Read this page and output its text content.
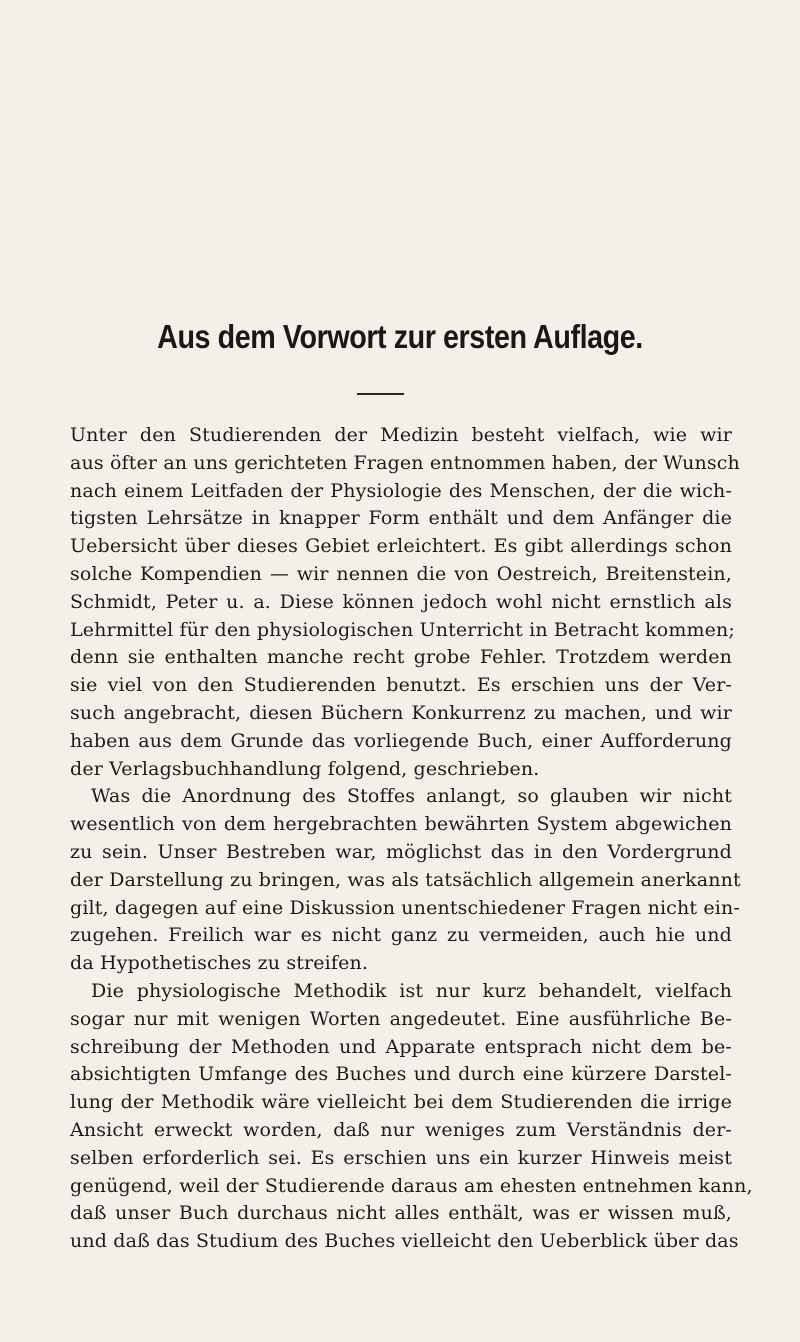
Aus dem Vorwort zur ersten Auflage.
Unter den Studierenden der Medizin besteht vielfach, wie wir
aus öfter an uns gerichteten Fragen entnommen haben, der Wunsch
nach einem Leitfaden der Physiologie des Menschen, der die wich-
tigsten Lehrsätze in knapper Form enthält und dem Anfänger die
Uebersicht über dieses Gebiet erleichtert. Es gibt allerdings schon
solche Kompendien — wir nennen die von Oestreich, Breitenstein,
Schmidt, Peter u. a. Diese können jedoch wohl nicht ernstlich als
Lehrmittel für den physiologischen Unterricht in Betracht kommen;
denn sie enthalten manche recht grobe Fehler. Trotzdem werden
sie viel von den Studierenden benutzt. Es erschien uns der Ver-
such angebracht, diesen Büchern Konkurrenz zu machen, und wir
haben aus dem Grunde das vorliegende Buch, einer Aufforderung
der Verlagsbuchhandlung folgend, geschrieben.
Was die Anordnung des Stoffes anlangt, so glauben wir nicht
wesentlich von dem hergebrachten bewährten System abgewichen
zu sein. Unser Bestreben war, möglichst das in den Vordergrund
der Darstellung zu bringen, was als tatsächlich allgemein anerkannt
gilt, dagegen auf eine Diskussion unentschiedener Fragen nicht ein-
zugehen. Freilich war es nicht ganz zu vermeiden, auch hie und
da Hypothetisches zu streifen.
Die physiologische Methodik ist nur kurz behandelt, vielfach
sogar nur mit wenigen Worten angedeutet. Eine ausführliche Be-
schreibung der Methoden und Apparate entsprach nicht dem be-
absichtigten Umfange des Buches und durch eine kürzere Darstel-
lung der Methodik wäre vielleicht bei dem Studierenden die irrige
Ansicht erweckt worden, daß nur weniges zum Verständnis der-
selben erforderlich sei. Es erschien uns ein kurzer Hinweis meist
genügend, weil der Studierende daraus am ehesten entnehmen kann,
daß unser Buch durchaus nicht alles enthält, was er wissen muß,
und daß das Studium des Buches vielleicht den Ueberblick über das
